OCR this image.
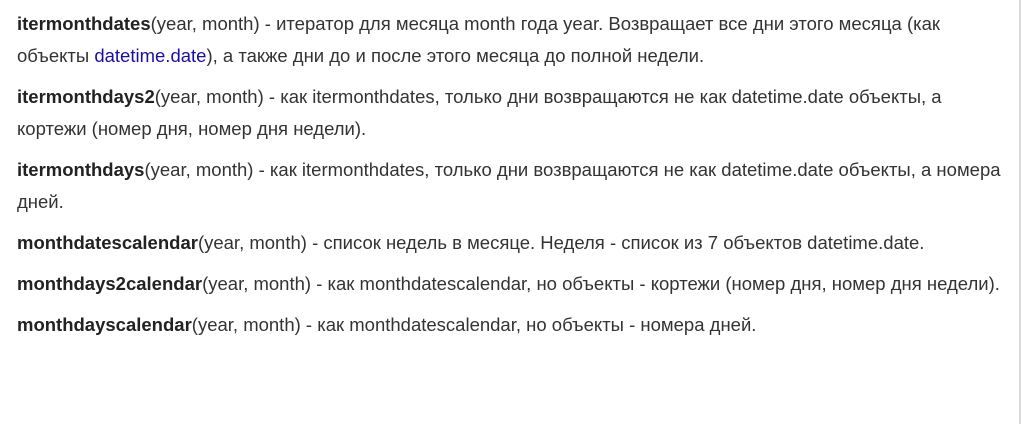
itermonthdates(year, month) - итератор для месяца month года year. Возвращает все дни этого месяца (как объекты datetime.date), а также дни до и после этого месяца до полной недели.

itermonthdays2(year, month) - как itermonthdates, только дни возвращаются не как datetime.date объекты, а кортежи (номер дня, номер дня недели).

itermonthdays(year, month) - как itermonthdates, только дни возвращаются не как datetime.date объекты, а номера дней.

monthdatescalendar(year, month) - список недель в месяце. Неделя - список из 7 объектов datetime.date.

monthdays2calendar(year, month) - как monthdatescalendar, но объекты - кортежи (номер дня, номер дня недели).

monthdayscalendar(year, month) - как monthdatescalendar, но объекты - номера дней.
